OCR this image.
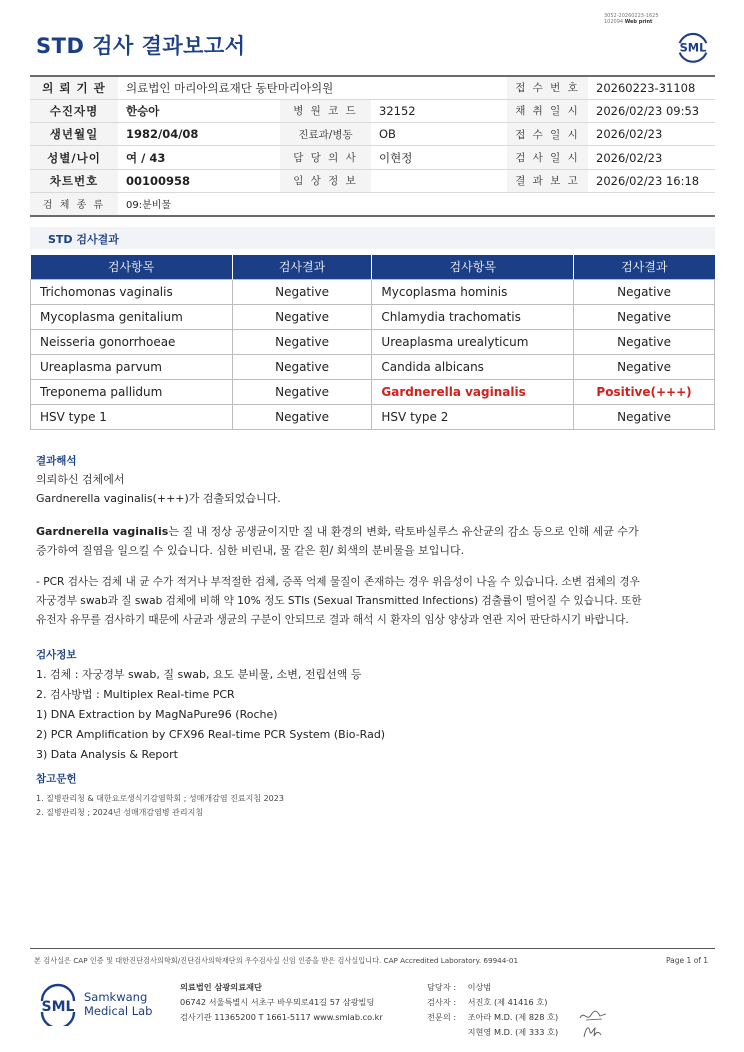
3052-20260223-1625
102094 Web print
STD 검사 결과보고서	SML
의 뢰 기 관	의료법인 마리아의료재단 동탄마리아의원			접 수 번 호	20260223-31108
수진자명	한승아	병 원 코 드	32152	채 취 일 시	2026/02/23 09:53
생년월일	1982/04/08	진료과/병동	OB	접 수 일 시	2026/02/23
성별/나이	여 / 43	담 당 의 사	이현정	검 사 일 시	2026/02/23
차트번호	00100958	임 상 정 보		결 과 보 고	2026/02/23 16:18
검 체 종 류	09:분비물				
STD 검사결과
검사항목	검사결과	검사항목	검사결과
Trichomonas vaginalis	Negative	Mycoplasma hominis	Negative
Mycoplasma genitalium	Negative	Chlamydia trachomatis	Negative
Neisseria gonorrhoeae	Negative	Ureaplasma urealyticum	Negative
Ureaplasma parvum	Negative	Candida albicans	Negative
Treponema pallidum	Negative	Gardnerella vaginalis	Positive(+++)
HSV type 1	Negative	HSV type 2	Negative
결과해석
의뢰하신 검체에서
Gardnerella vaginalis(+++)가 검출되었습니다.
Gardnerella vaginalis는 질 내 정상 공생균이지만 질 내 환경의 변화, 락토바실루스 유산균의 감소 등으로 인해 세균 수가
증가하여 질염을 일으킬 수 있습니다. 심한 비린내, 물 같은 흰/ 회색의 분비물을 보입니다.
- PCR 검사는 검체 내 균 수가 적거나 부적절한 검체, 증폭 억제 물질이 존재하는 경우 위음성이 나올 수 있습니다. 소변 검체의 경우
자궁경부 swab과 질 swab 검체에 비해 약 10% 정도 STIs (Sexual Transmitted Infections) 검출률이 떨어질 수 있습니다. 또한
유전자 유무를 검사하기 때문에 사균과 생균의 구분이 안되므로 결과 해석 시 환자의 임상 양상과 연관 지어 판단하시기 바랍니다.
검사정보
1. 검체 : 자궁경부 swab, 질 swab, 요도 분비물, 소변, 전립선액 등
2. 검사방법 : Multiplex Real-time PCR
1) DNA Extraction by MagNaPure96 (Roche)
2) PCR Amplification by CFX96 Real-time PCR System (Bio-Rad)
3) Data Analysis & Report
참고문헌
1. 질병관리청 & 대한요로생식기감염학회 ; 성매개감염 진료지침 2023
2. 질병관리청 ; 2024년 성매개감염병 관리지침
본 검사실은 CAP 인증 및 대한진단검사의학회/진단검사의학재단의 우수검사실 신임 인증을 받은 검사실입니다. CAP Accredited Laboratory. 69944-01	Page 1 of 1
SML
Samkwang
Medical Lab
의료법인 삼광의료재단
06742 서울특별시 서초구 바우뫼로41길 57 삼광빌딩
검사기관 11365200 T 1661-5117 www.smlab.co.kr
담당자 : 이상범
검사자 : 서진호 (제 41416 호)
전문의 : 조아라 M.D. (제 828 호)
지현영 M.D. (제 333 호)
